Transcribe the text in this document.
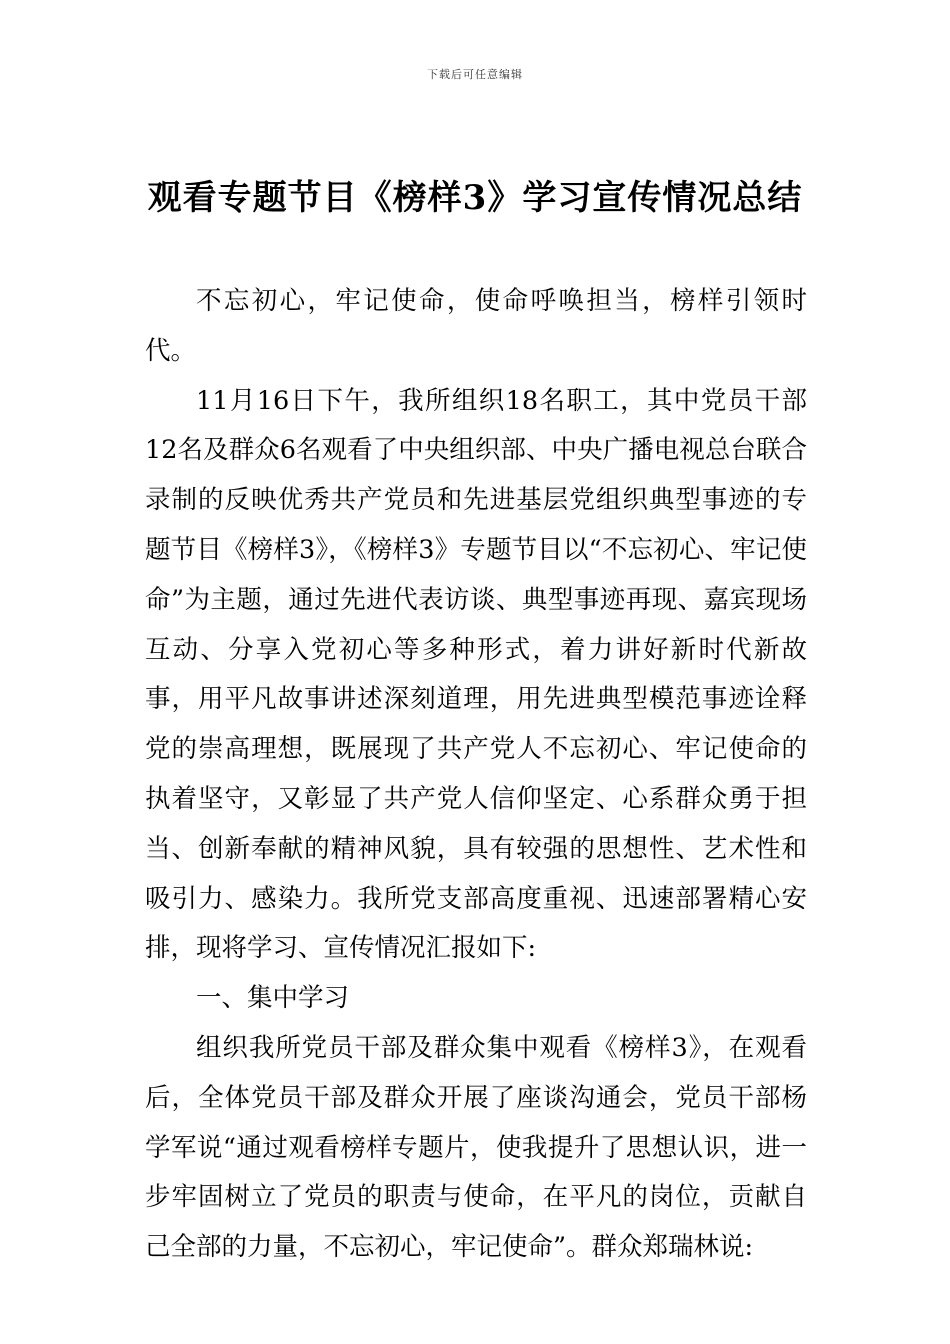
下载后可任意编辑
观看专题节目《榜样3》学习宣传情况总结

不忘初心，牢记使命，使命呼唤担当，榜样引领时代。

11月16日下午，我所组织18名职工，其中党员干部12名及群众6名观看了中央组织部、中央广播电视总台联合录制的反映优秀共产党员和先进基层党组织典型事迹的专题节目《榜样3》，《榜样3》专题节目以“不忘初心、牢记使命”为主题，通过先进代表访谈、典型事迹再现、嘉宾现场互动、分享入党初心等多种形式，着力讲好新时代新故事，用平凡故事讲述深刻道理，用先进典型模范事迹诠释党的崇高理想，既展现了共产党人不忘初心、牢记使命的执着坚守，又彰显了共产党人信仰坚定、心系群众勇于担当、创新奉献的精神风貌，具有较强的思想性、艺术性和吸引力、感染力。我所党支部高度重视、迅速部署精心安排，现将学习、宣传情况汇报如下:

一、集中学习

组织我所党员干部及群众集中观看《榜样3》，在观看后，全体党员干部及群众开展了座谈沟通会，党员干部杨学军说“通过观看榜样专题片，使我提升了思想认识，进一步牢固树立了党员的职责与使命，在平凡的岗位，贡献自己全部的力量，不忘初心，牢记使命”。群众郑瑞林说:
